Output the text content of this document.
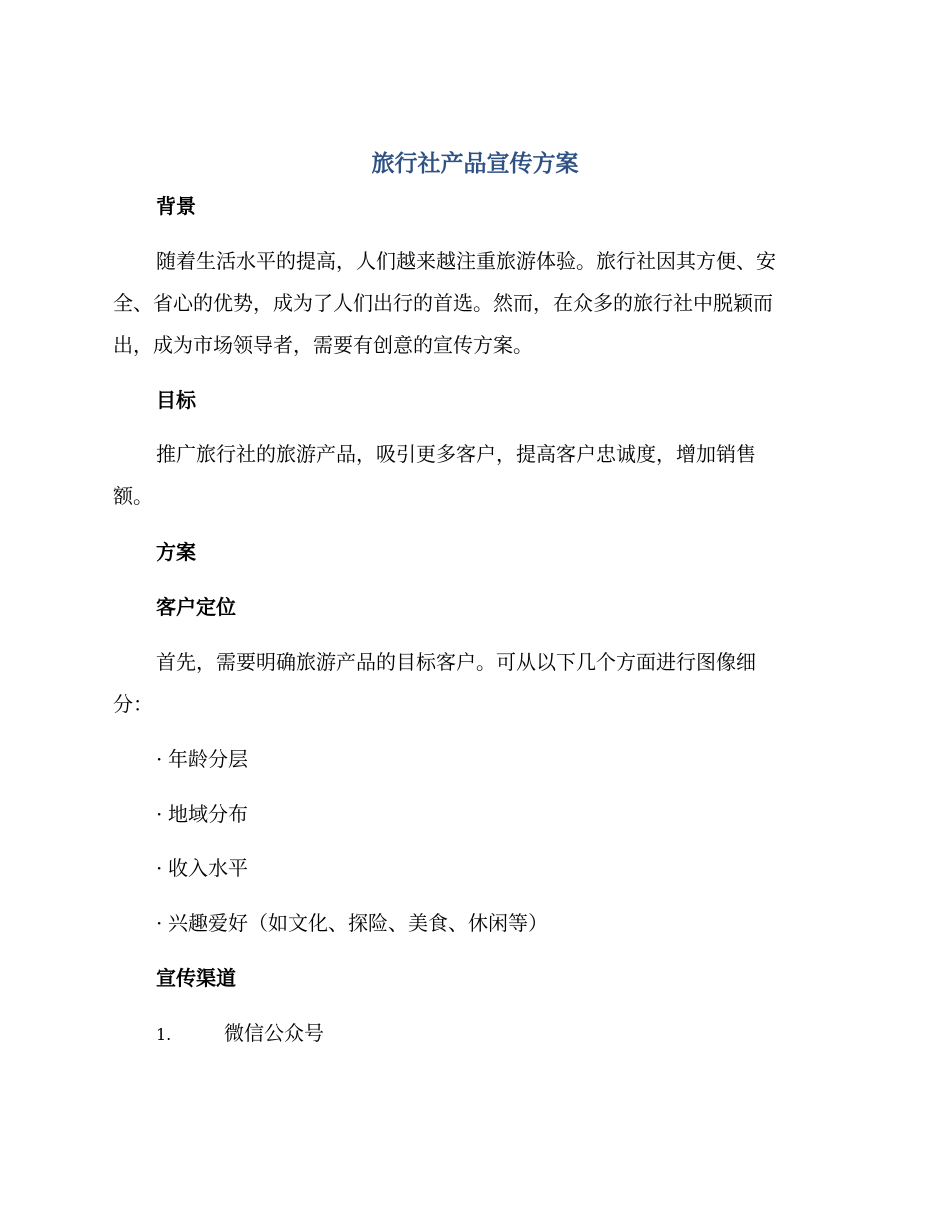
旅行社产品宣传方案
背景
随着生活水平的提高，人们越来越注重旅游体验。旅行社因其方便、安
全、省心的优势，成为了人们出行的首选。然而，在众多的旅行社中脱颖而
出，成为市场领导者，需要有创意的宣传方案。
目标
推广旅行社的旅游产品，吸引更多客户，提高客户忠诚度，增加销售
额。
方案
客户定位
首先，需要明确旅游产品的目标客户。可从以下几个方面进行图像细
分：
· 年龄分层
· 地域分布
· 收入水平
· 兴趣爱好（如文化、探险、美食、休闲等）
宣传渠道
1.	微信公众号
